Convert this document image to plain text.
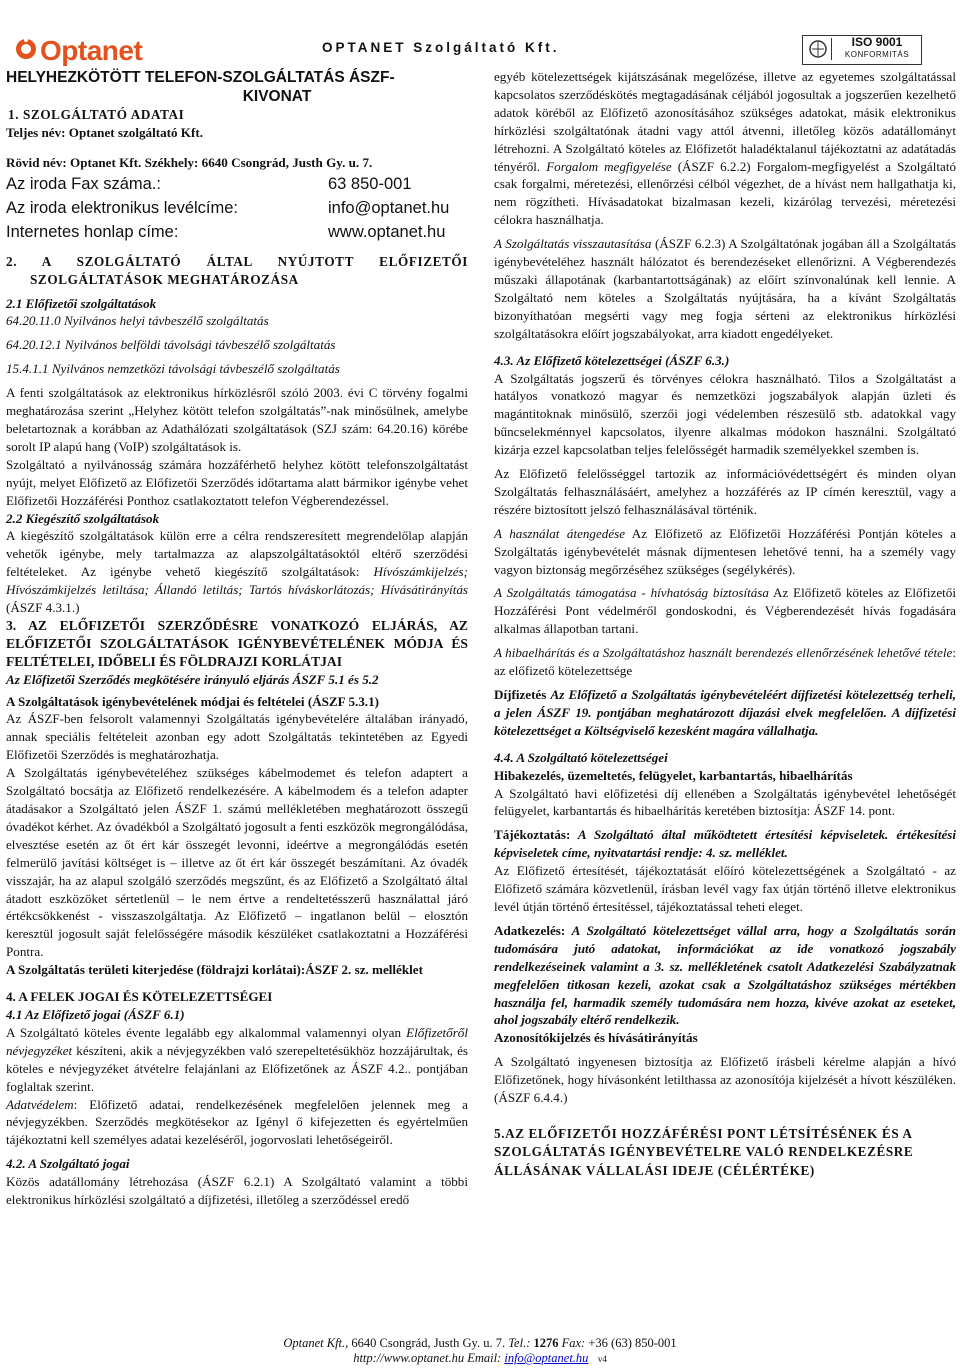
Optanet	OPTANET Szolgáltató Kft.	ISO 9001
KONFORMITÁS
HELYHEZKÖTÖTT TELEFON-SZOLGÁLTATÁS ÁSZF-
KIVONAT

1. SZOLGÁLTATÓ ADATAI

Teljes név: Optanet szolgáltató Kft.

Rövid név: Optanet Kft. Székhely: 6640 Csongrád, Justh Gy. u. 7.

Az iroda Fax száma.:	63 850-001
Az iroda elektronikus levélcíme:	info@optanet.hu
Internetes honlap címe:	www.optanet.hu

2. A SZOLGÁLTATÓ ÁLTAL NYÚJTOTT ELŐFIZETŐI

SZOLGÁLTATÁSOK MEGHATÁROZÁSA

2.1 Előfizetői szolgáltatások

64.20.11.0 Nyilvános helyi távbeszélő szolgáltatás

64.20.12.1 Nyilvános belföldi távolsági távbeszélő szolgáltatás

15.4.1.1 Nyilvános nemzetközi távolsági távbeszélő szolgáltatás

A fenti szolgáltatások az elektronikus hírközlésről szóló 2003. évi C törvény fogalmi meghatározása szerint „Helyhez kötött telefon szolgáltatás”-nak minősülnek, amelybe beletartoznak a korábban az Adathálózati szolgáltatások (SZJ szám: 64.20.16) körébe sorolt IP alapú hang (VoIP) szolgáltatások is.

Szolgáltató a nyilvánosság számára hozzáférhető helyhez kötött telefonszolgáltatást nyújt, melyet Előfizető az Előfizetői Szerződés időtartama alatt bármikor igénybe vehet Előfizetői Hozzáférési Ponthoz csatlakoztatott telefon Végberendezéssel.

2.2 Kiegészítő szolgáltatások

A kiegészítő szolgáltatások külön erre a célra rendszeresített megrendelőlap alapján vehetők igénybe, mely tartalmazza az alapszolgáltatásoktól eltérő szerződési feltételeket. Az igénybe vehető kiegészítő szolgáltatások: Hívószámkijelzés; Hívószámkijelzés letiltása; Állandó letiltás; Tartós híváskorlátozás; Hívásátirányítás (ÁSZF 4.3.1.)

3. AZ ELŐFIZETŐI SZERZŐDÉSRE VONATKOZÓ ELJÁRÁS, AZ ELŐFIZETŐI SZOLGÁLTATÁSOK IGÉNYBEVÉTELÉNEK MÓDJA ÉS FELTÉTELEI, IDŐBELI ÉS FÖLDRAJZI KORLÁTJAI

Az Előfizetői Szerződés megkötésére irányuló eljárás ÁSZF 5.1 és 5.2

A Szolgáltatások igénybevételének módjai és feltételei (ÁSZF 5.3.1)

Az ÁSZF-ben felsorolt valamennyi Szolgáltatás igénybevételére általában irányadó, annak speciális feltételeit azonban egy adott Szolgáltatás tekintetében az Egyedi Előfizetői Szerződés is meghatározhatja.

A Szolgáltatás igénybevételéhez szükséges kábelmodemet és telefon adaptert a Szolgáltató bocsátja az Előfizető rendelkezésére. A kábelmodem és a telefon adapter átadásakor a Szolgáltató jelen ÁSZF 1. számú mellékletében meghatározott összegű óvadékot kérhet. Az óvadékból a Szolgáltató jogosult a fenti eszközök megrongálódása, elvesztése esetén az őt ért kár összegét levonni, ideértve a megrongálódás esetén felmerülő javítási költséget is – illetve az őt ért kár összegét beszámítani. Az óvadék visszajár, ha az alapul szolgáló szerződés megszűnt, és az Előfizető a Szolgáltató által átadott eszközöket sértetlenül – le nem értve a rendeltetésszerű használattal járó értékcsökkenést - visszaszolgáltatja. Az Előfizető – ingatlanon belül – elosztón keresztül jogosult saját felelősségére második készüléket csatlakoztatni a Hozzáférési Pontra.

A Szolgáltatás területi kiterjedése (földrajzi korlátai):ÁSZF 2. sz. melléklet

4. A FELEK JOGAI ÉS KÖTELEZETTSÉGEI

4.1 Az Előfizető jogai (ÁSZF 6.1)

A Szolgáltató köteles évente legalább egy alkalommal valamennyi olyan Előfizetőről névjegyzéket készíteni, akik a névjegyzékben való szerepeltetésükhöz hozzájárultak, és köteles e névjegyzéket átvételre felajánlani az Előfizetőnek az ÁSZF 4.2.. pontjában foglaltak szerint.

Adatvédelem: Előfizető adatai, rendelkezésének megfelelően jelennek meg a névjegyzékben. Szerződés megkötésekor az Igényl ő kifejezetten és egyértelműen tájékoztatni kell személyes adatai kezeléséről, jogorvoslati lehetőségeiről.

4.2. A Szolgáltató jogai

Közös adatállomány létrehozása (ÁSZF 6.2.1) A Szolgáltató valamint a többi elektronikus hírközlési szolgáltató a díjfizetési, illetőleg a szerződéssel eredő

egyéb kötelezettségek kijátszásának megelőzése, illetve az egyetemes szolgáltatással kapcsolatos szerződéskötés megtagadásának céljából jogosultak a jogszerűen kezelhető adatok köréből az Előfizető azonosításához szükséges adatokat, másik elektronikus hírközlési szolgáltatónak átadni vagy attól átvenni, illetőleg közös adatállományt létrehozni. A Szolgáltató köteles az Előfizetőt haladéktalanul tájékoztatni az adatátadás tényéről. Forgalom megfigyelése (ÁSZF 6.2.2) Forgalom-megfigyelést a Szolgáltató csak forgalmi, méretezési, ellenőrzési célból végezhet, de a hívást nem hallgathatja ki, nem rögzítheti. Hívásadatokat bizalmasan kezeli, kizárólag tervezési, méretezési célokra használhatja.

A Szolgáltatás visszautasítása (ÁSZF 6.2.3) A Szolgáltatónak jogában áll a Szolgáltatás igénybevételéhez használt hálózatot és berendezéseket ellenőrizni. A Végberendezés műszaki állapotának (karbantartottságának) az előírt színvonalúnak kell lennie. A Szolgáltató nem köteles a Szolgáltatás nyújtására, ha a kívánt Szolgáltatás bizonyíthatóan megsérti vagy meg fogja sérteni az elektronikus hírközlési szolgáltatásokra előírt jogszabályokat, arra kiadott engedélyeket.

4.3. Az Előfizető kötelezettségei (ÁSZF 6.3.)

A Szolgáltatás jogszerű és törvényes célokra használható. Tilos a Szolgáltatást a hatályos vonatkozó magyar és nemzetközi jogszabályok alapján üzleti és magántitoknak minősülő, szerzői jogi védelemben részesülő stb. adatokkal vagy bűncselekménnyel kapcsolatos, ilyenre alkalmas módokon használni. Szolgáltató kizárja ezzel kapcsolatban teljes felelősségét harmadik személyekkel szemben is.

Az Előfizető felelősséggel tartozik az információvédettségért és minden olyan Szolgáltatás felhasználásáért, amelyhez a hozzáférés az IP címén keresztül, vagy a részére biztosított jelszó felhasználásával történik.

A használat átengedése Az Előfizető az Előfizetői Hozzáférési Pontján köteles a Szolgáltatás igénybevételét másnak díjmentesen lehetővé tenni, ha a személy vagy vagyon biztonság megőrzéséhez szükséges (segélykérés).

A Szolgáltatás támogatása - hívhatóság biztosítása Az Előfizető köteles az Előfizetői Hozzáférési Pont védelméről gondoskodni, és Végberendezését hívás fogadására alkalmas állapotban tartani.

A hibaelhárítás és a Szolgáltatáshoz használt berendezés ellenőrzésének lehetővé tétele: az előfizető kötelezettsége

Díjfizetés Az Előfizető a Szolgáltatás igénybevételéért díjfizetési kötelezettség terheli, a jelen ÁSZF 19. pontjában meghatározott díjazási elvek megfelelően. A díjfizetési kötelezettséget a Költségviselő kezesként magára vállalhatja.

4.4. A Szolgáltató kötelezettségei

Hibakezelés, üzemeltetés, felügyelet, karbantartás, hibaelhárítás

A Szolgáltató havi előfizetési díj ellenében a Szolgáltatás igénybevétel lehetőségét felügyelet, karbantartás és hibaelhárítás keretében biztosítja: ÁSZF 14. pont.

Tájékoztatás: A Szolgáltató által működtetett értesítési képviseletek. értékesítési képviseletek címe, nyitvatartási rendje: 4. sz. melléklet.

Az Előfizető értesítését, tájékoztatását előíró kötelezettségének a Szolgáltató - az Előfizető számára közvetlenül, írásban levél vagy fax útján történő illetve elektronikus levél útján történő értesítéssel, tájékoztatással teheti eleget.

Adatkezelés: A Szolgáltató kötelezettséget vállal arra, hogy a Szolgáltatás során tudomására jutó adatokat, információkat az ide vonatkozó jogszabály rendelkezéseinek valamint a 3. sz. mellékletének csatolt Adatkezelési Szabályzatnak megfelelően titkosan kezeli, azokat csak a Szolgáltatáshoz szükséges mértékben használja fel, harmadik személy tudomására nem hozza, kivéve azokat az eseteket, ahol jogszabály eltérő rendelkezik.

Azonosítókijelzés és hívásátirányítás

A Szolgáltató ingyenesen biztosítja az Előfizető írásbeli kérelme alapján a hívó Előfizetőnek, hogy hívásonként letilthassa az azonosítója kijelzését a hívott készüléken. (ÁSZF 6.4.4.)

5.AZ ELŐFIZETŐI HOZZÁFÉRÉSI PONT LÉTSÍTÉSÉNEK ÉS A SZOLGÁLTATÁS IGÉNYBEVÉTELRE VALÓ RENDELKEZÉSRE ÁLLÁSÁNAK VÁLLALÁSI IDEJE (CÉLÉRTÉKE)

Optanet Kft., 6640 Csongrád, Justh Gy. u. 7. Tel.: 1276 Fax: +36 (63) 850-001
http://www.optanet.hu Email: info@optanet.hu v4
